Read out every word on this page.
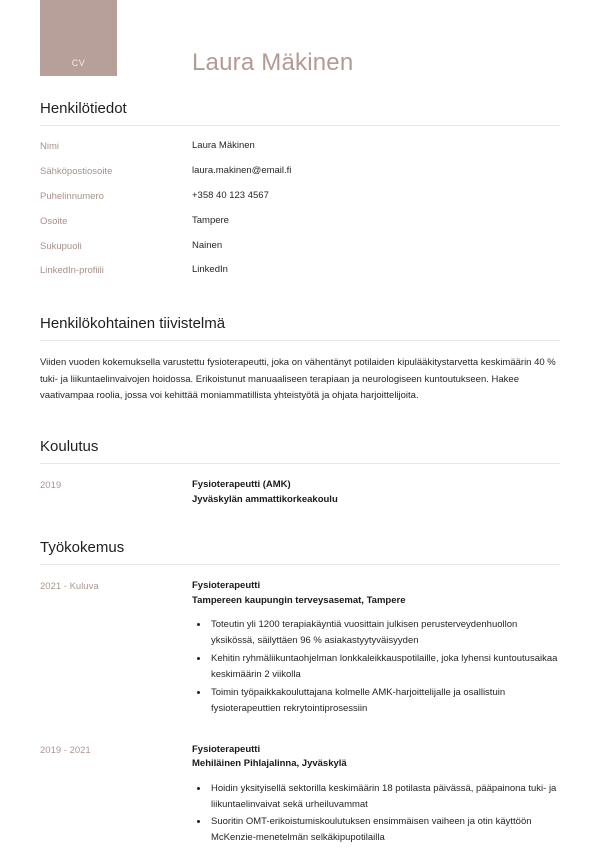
CV	Laura Mäkinen
Henkilötiedot
Nimi	Laura Mäkinen
Sähköpostiosoite	laura.makinen@email.fi
Puhelinnumero	+358 40 123 4567
Osoite	Tampere
Sukupuoli	Nainen
LinkedIn-profiili	LinkedIn
Henkilökohtainen tiivistelmä

Viiden vuoden kokemuksella varustettu fysioterapeutti, joka on vähentänyt potilaiden kipulääkitystarvetta keskimäärin 40 % tuki- ja liikuntaelinvaivojen hoidossa. Erikoistunut manuaaliseen terapiaan ja neurologiseen kuntoutukseen. Hakee vaativampaa roolia, jossa voi kehittää moniammatillista yhteistyötä ja ohjata harjoittelijoita.

Koulutus
2019	Fysioterapeutti (AMK)
Jyväskylän ammattikorkeakoulu
Työkokemus
2021 - Kuluva	Fysioterapeutti
Tampereen kaupungin terveysasemat, Tampere
• Toteutin yli 1200 terapiakäyntiä vuosittain julkisen perusterveydenhuollon yksikössä, säilyttäen 96 % asiakastyytyväisyyden
• Kehitin ryhmäliikuntaohjelman lonkkaleikkauspotilaille, joka lyhensi kuntoutusaikaa keskimäärin 2 viikolla
• Toimin työpaikkakouluttajana kolmelle AMK-harjoittelijalle ja osallistuin fysioterapeuttien rekrytointiprosessiin
2019 - 2021	Fysioterapeutti
Mehiläinen Pihlajalinna, Jyväskylä
• Hoidin yksityisellä sektorilla keskimäärin 18 potilasta päivässä, pääpainona tuki- ja liikuntaelinvaivat sekä urheiluvammat
• Suoritin OMT-erikoistumiskoulutuksen ensimmäisen vaiheen ja otin käyttöön McKenzie-menetelmän selkäkipupotilailla
